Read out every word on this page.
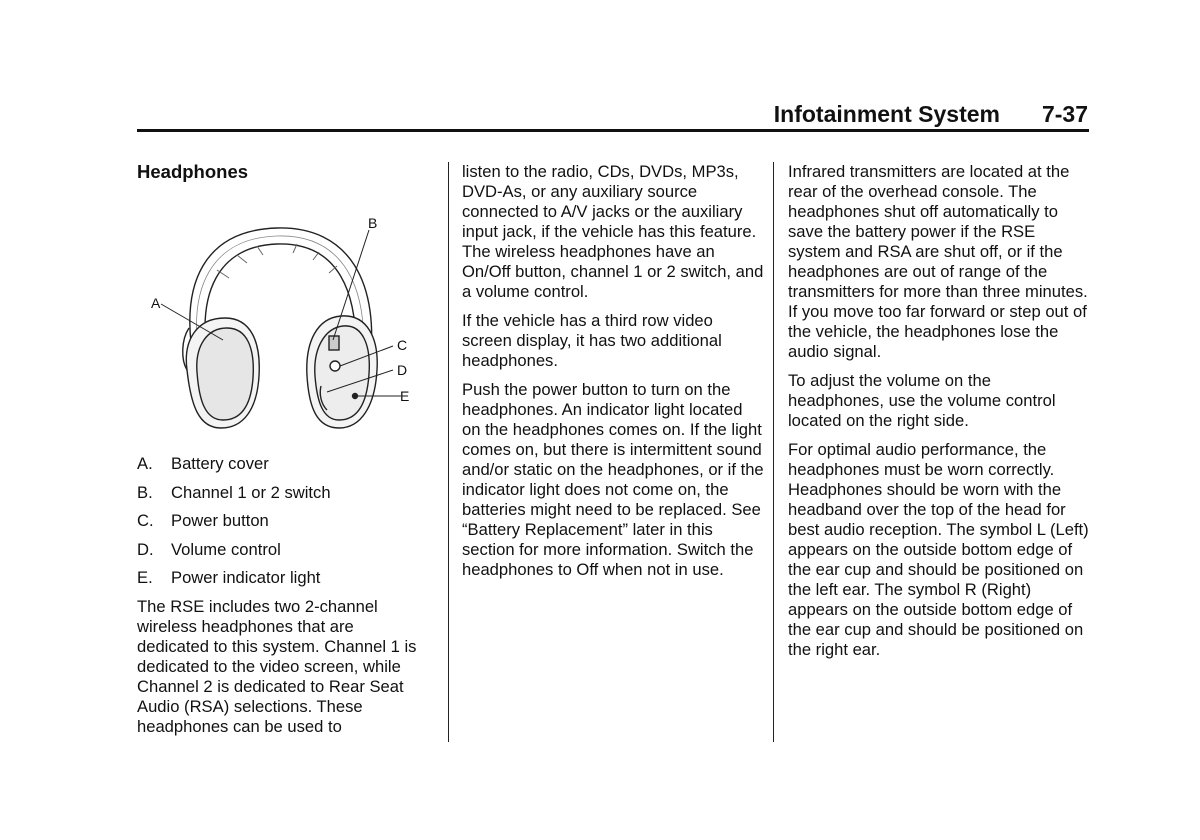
Infotainment System	7-37
Headphones
A
B
C
D
E
A.	Battery cover
B.	Channel 1 or 2 switch
C.	Power button
D.	Volume control
E.	Power indicator light

The RSE includes two 2-channel wireless headphones that are dedicated to this system. Channel 1 is dedicated to the video screen, while Channel 2 is dedicated to Rear Seat Audio (RSA) selections. These headphones can be used to

listen to the radio, CDs, DVDs, MP3s, DVD-As, or any auxiliary source connected to A/V jacks or the auxiliary input jack, if the vehicle has this feature. The wireless headphones have an On/Off button, channel 1 or 2 switch, and a volume control.

If the vehicle has a third row video screen display, it has two additional headphones.

Push the power button to turn on the headphones. An indicator light located on the headphones comes on. If the light comes on, but there is intermittent sound and/or static on the headphones, or if the indicator light does not come on, the batteries might need to be replaced. See “Battery Replacement” later in this section for more information. Switch the headphones to Off when not in use.

Infrared transmitters are located at the rear of the overhead console. The headphones shut off automatically to save the battery power if the RSE system and RSA are shut off, or if the headphones are out of range of the transmitters for more than three minutes. If you move too far forward or step out of the vehicle, the headphones lose the audio signal.

To adjust the volume on the headphones, use the volume control located on the right side.

For optimal audio performance, the headphones must be worn correctly. Headphones should be worn with the headband over the top of the head for best audio reception. The symbol L (Left) appears on the outside bottom edge of the ear cup and should be positioned on the left ear. The symbol R (Right) appears on the outside bottom edge of the ear cup and should be positioned on the right ear.
